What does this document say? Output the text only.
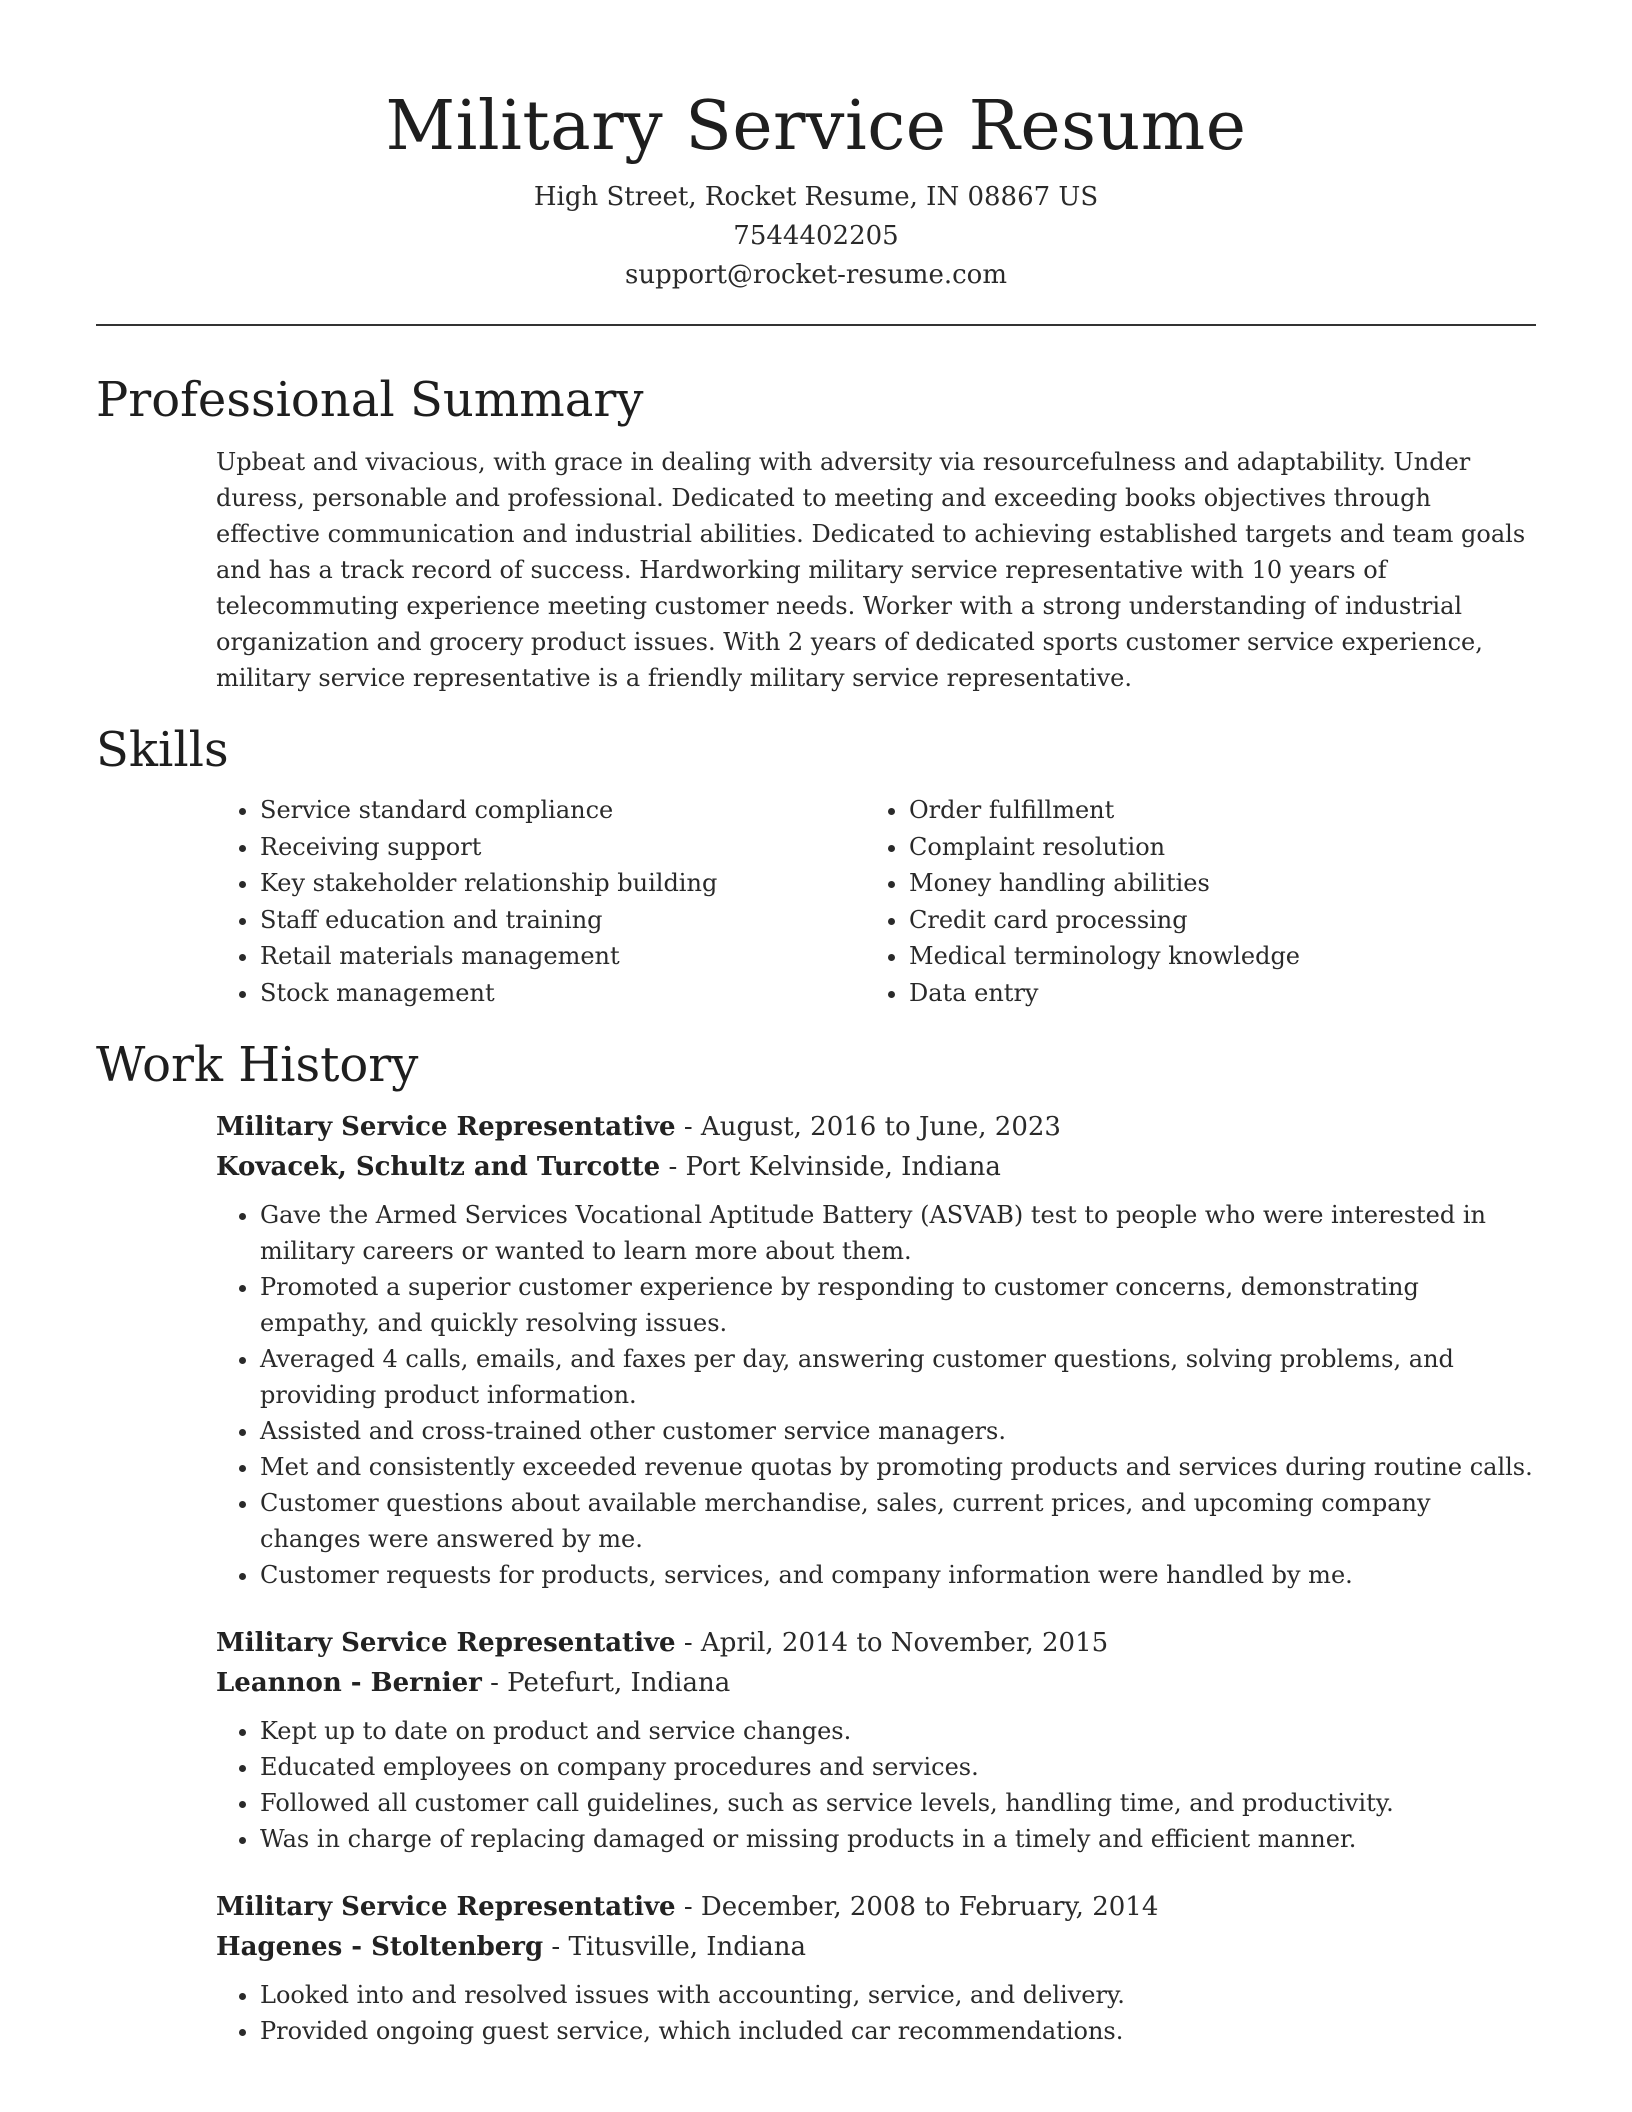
Military Service Resume
High Street, Rocket Resume, IN 08867 US
7544402205
support@rocket-resume.com
Professional Summary

Upbeat and vivacious, with grace in dealing with adversity via resourcefulness and adaptability. Under duress, personable and professional. Dedicated to meeting and exceeding books objectives through effective communication and industrial abilities. Dedicated to achieving established targets and team goals and has a track record of success. Hardworking military service representative with 10 years of telecommuting experience meeting customer needs. Worker with a strong understanding of industrial organization and grocery product issues. With 2 years of dedicated sports customer service experience, military service representative is a friendly military service representative.

Skills
• Service standard compliance
• Receiving support
• Key stakeholder relationship building
• Staff education and training
• Retail materials management
• Stock management
• Order fulfillment
• Complaint resolution
• Money handling abilities
• Credit card processing
• Medical terminology knowledge
• Data entry
Work History
Military Service Representative - August, 2016 to June, 2023
Kovacek, Schultz and Turcotte - Port Kelvinside, Indiana
• Gave the Armed Services Vocational Aptitude Battery (ASVAB) test to people who were interested in military careers or wanted to learn more about them.
• Promoted a superior customer experience by responding to customer concerns, demonstrating empathy, and quickly resolving issues.
• Averaged 4 calls, emails, and faxes per day, answering customer questions, solving problems, and providing product information.
• Assisted and cross-trained other customer service managers.
• Met and consistently exceeded revenue quotas by promoting products and services during routine calls.
• Customer questions about available merchandise, sales, current prices, and upcoming company changes were answered by me.
• Customer requests for products, services, and company information were handled by me.
Military Service Representative - April, 2014 to November, 2015
Leannon - Bernier - Petefurt, Indiana
• Kept up to date on product and service changes.
• Educated employees on company procedures and services.
• Followed all customer call guidelines, such as service levels, handling time, and productivity.
• Was in charge of replacing damaged or missing products in a timely and efficient manner.
Military Service Representative - December, 2008 to February, 2014
Hagenes - Stoltenberg - Titusville, Indiana
• Looked into and resolved issues with accounting, service, and delivery.
• Provided ongoing guest service, which included car recommendations.
